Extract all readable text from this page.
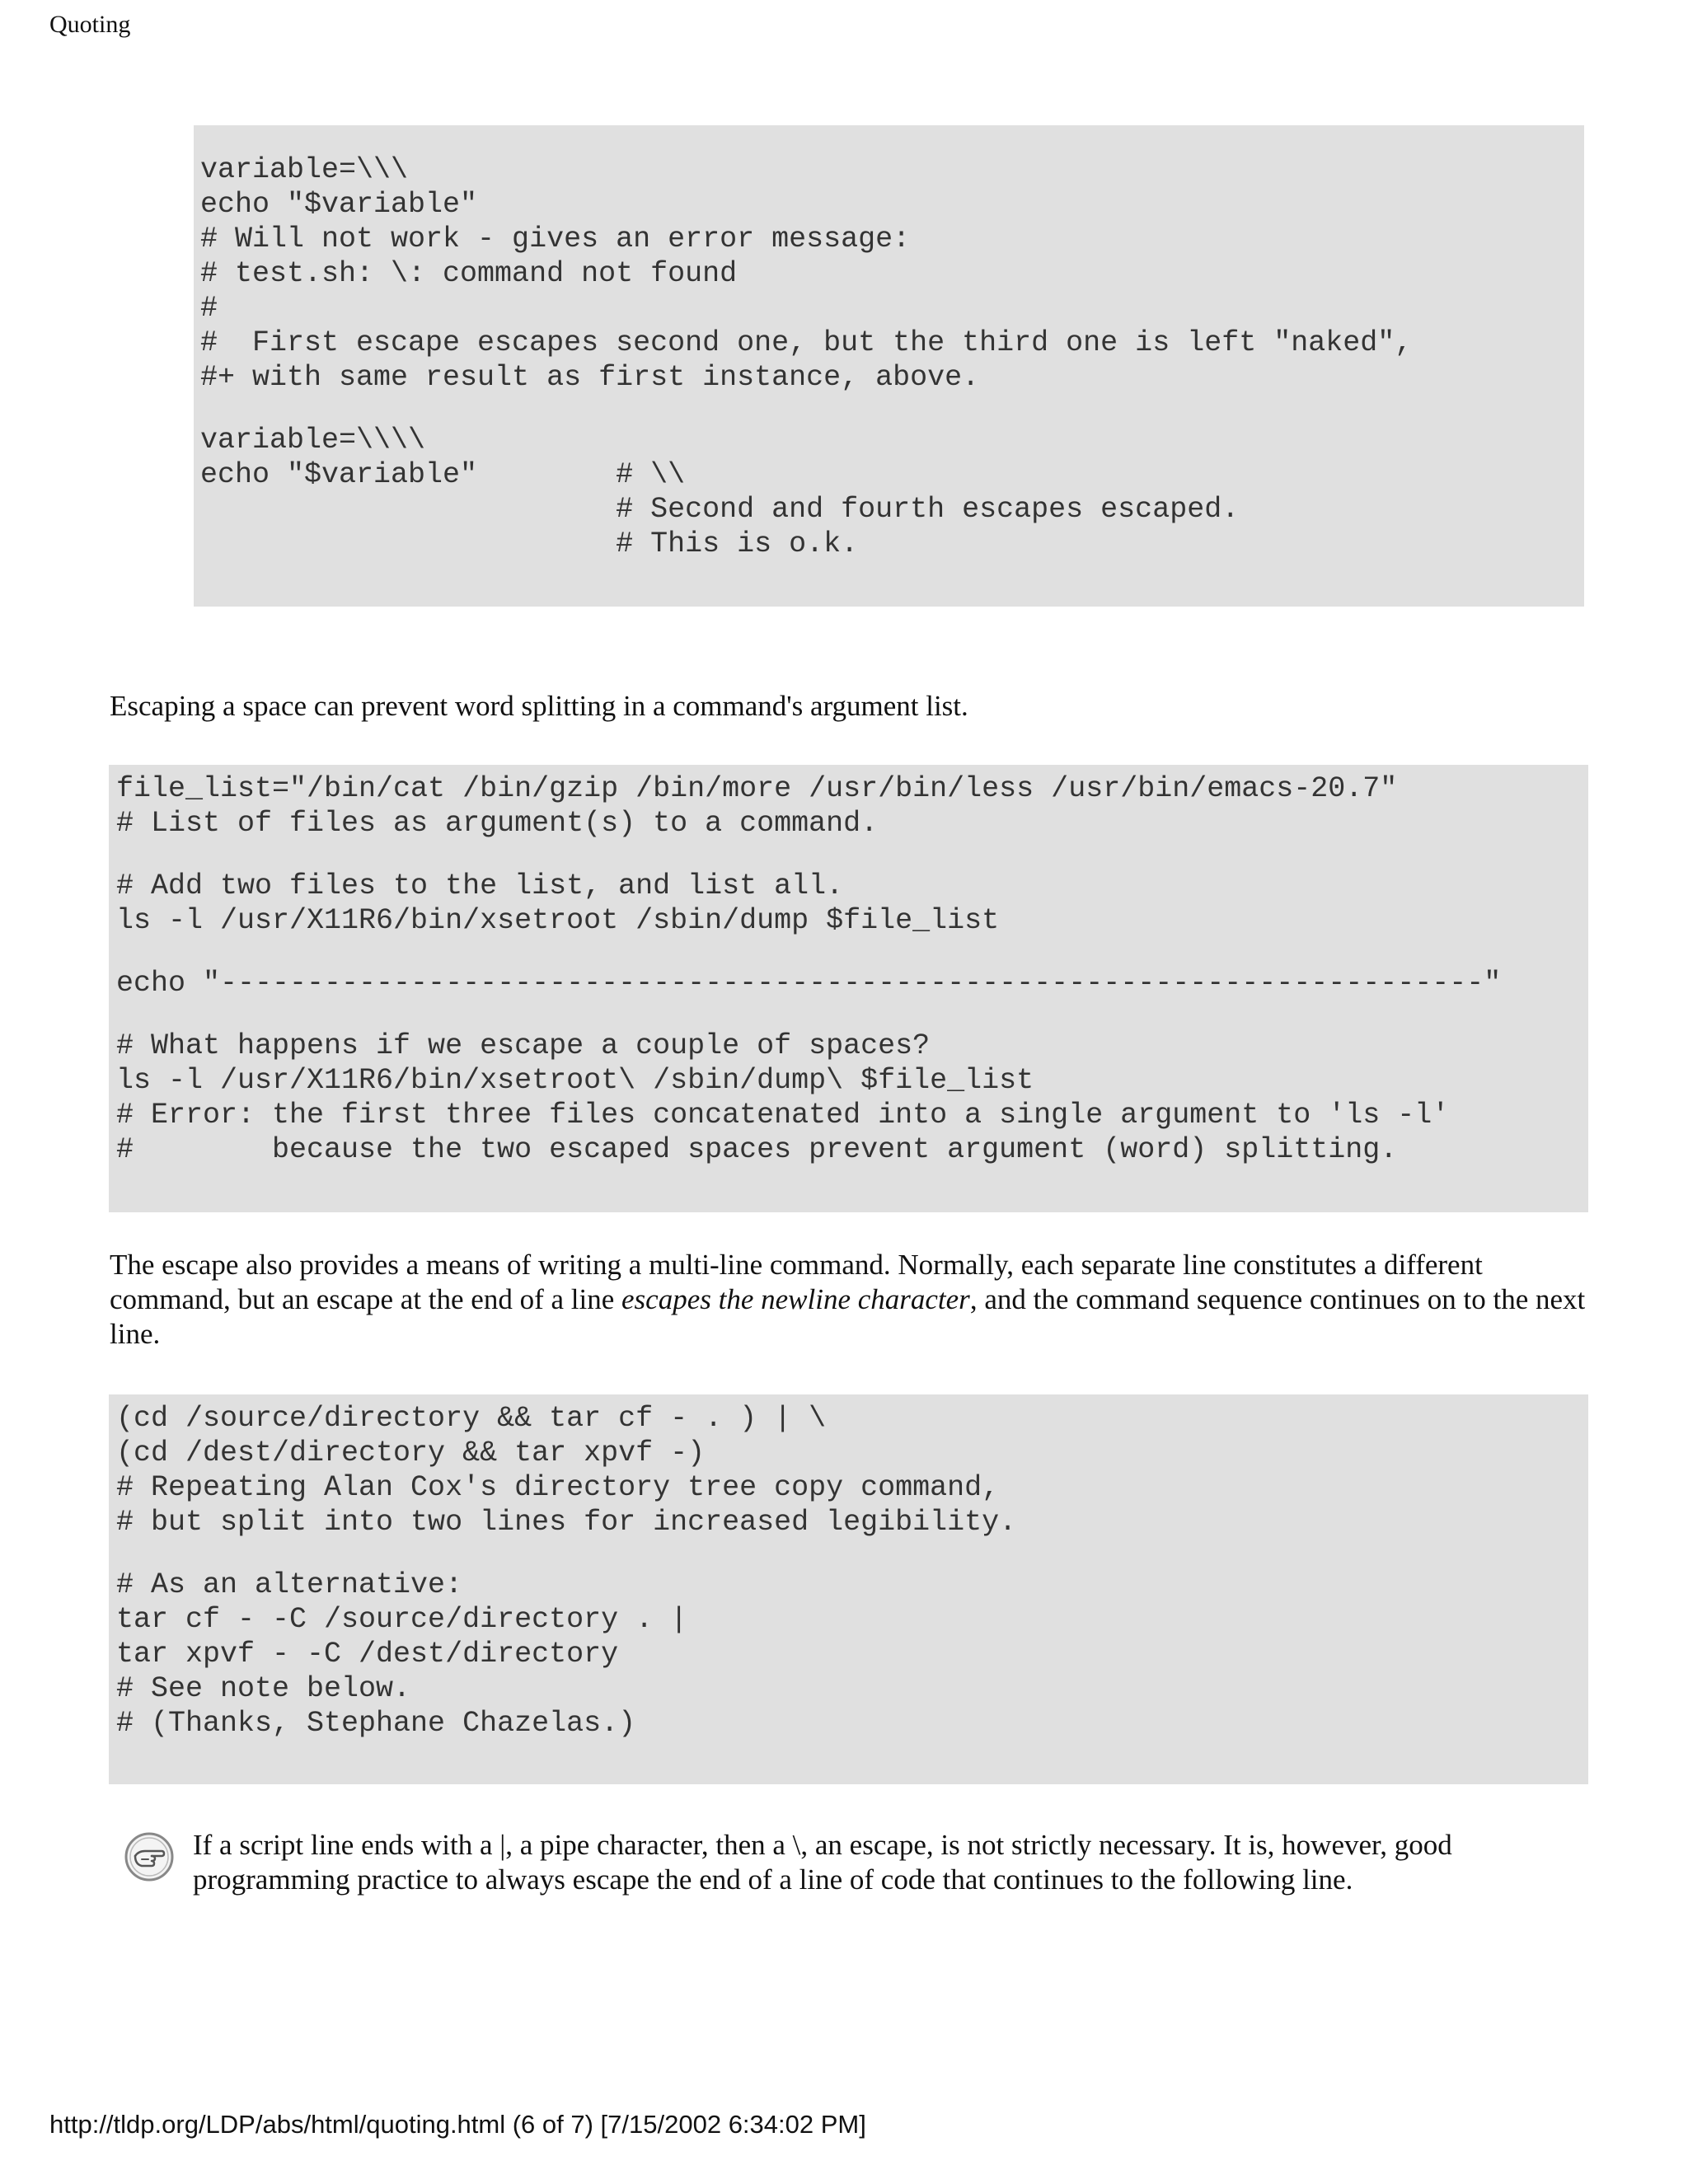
Quoting
variable=\\\
echo "$variable"
# Will not work - gives an error message:
# test.sh: \: command not found
#
#  First escape escapes second one, but the third one is left "naked",
#+ with same result as first instance, above.

variable=\\\\
echo "$variable"        # \\
# Second and fourth escapes escaped.
# This is o.k.

Escaping a space can prevent word splitting in a command's argument list.

file_list="/bin/cat /bin/gzip /bin/more /usr/bin/less /usr/bin/emacs-20.7"
# List of files as argument(s) to a command.

# Add two files to the list, and list all.
ls -l /usr/X11R6/bin/xsetroot /sbin/dump $file_list

echo "-------------------------------------------------------------------------"

# What happens if we escape a couple of spaces?
ls -l /usr/X11R6/bin/xsetroot\ /sbin/dump\ $file_list
# Error: the first three files concatenated into a single argument to 'ls -l'
#        because the two escaped spaces prevent argument (word) splitting.

The escape also provides a means of writing a multi-line command. Normally, each separate line constitutes a different command, but an escape at the end of a line escapes the newline character, and the command sequence continues on to the next line.

(cd /source/directory && tar cf - . ) | \
(cd /dest/directory && tar xpvf -)
# Repeating Alan Cox's directory tree copy command,
# but split into two lines for increased legibility.

# As an alternative:
tar cf - -C /source/directory . |
tar xpvf - -C /dest/directory
# See note below.
# (Thanks, Stephane Chazelas.)

If a script line ends with a |, a pipe character, then a \, an escape, is not strictly necessary. It is, however, good programming practice to always escape the end of a line of code that continues to the following line.

http://tldp.org/LDP/abs/html/quoting.html (6 of 7) [7/15/2002 6:34:02 PM]
